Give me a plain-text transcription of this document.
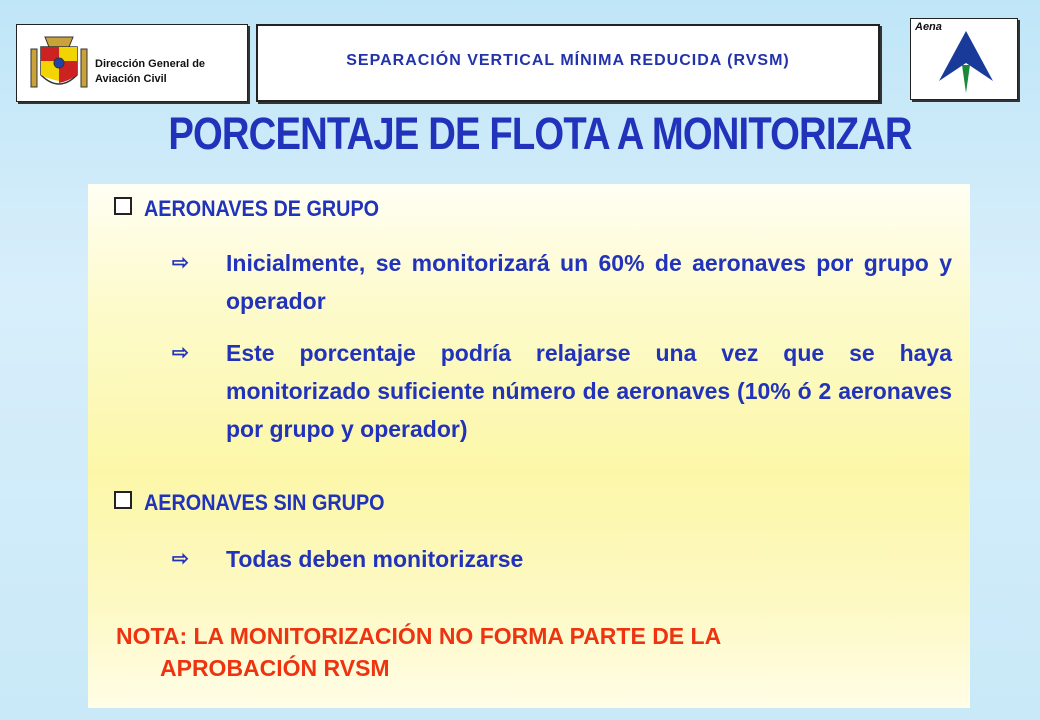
Dirección General de
Aviación Civil
SEPARACIÓN VERTICAL MÍNIMA REDUCIDA (RVSM)
Aena
PORCENTAJE DE FLOTA A MONITORIZAR
AERONAVES DE GRUPO
⇨	Inicialmente, se monitorizará un 60% de aeronaves por grupo y operador
⇨	Este porcentaje podría relajarse una vez que se haya monitorizado suficiente número de aeronaves (10% ó 2 aeronaves por grupo y operador)
AERONAVES SIN GRUPO
⇨	Todas deben monitorizarse
NOTA: LA MONITORIZACIÓN NO FORMA PARTE DE LA
APROBACIÓN RVSM
